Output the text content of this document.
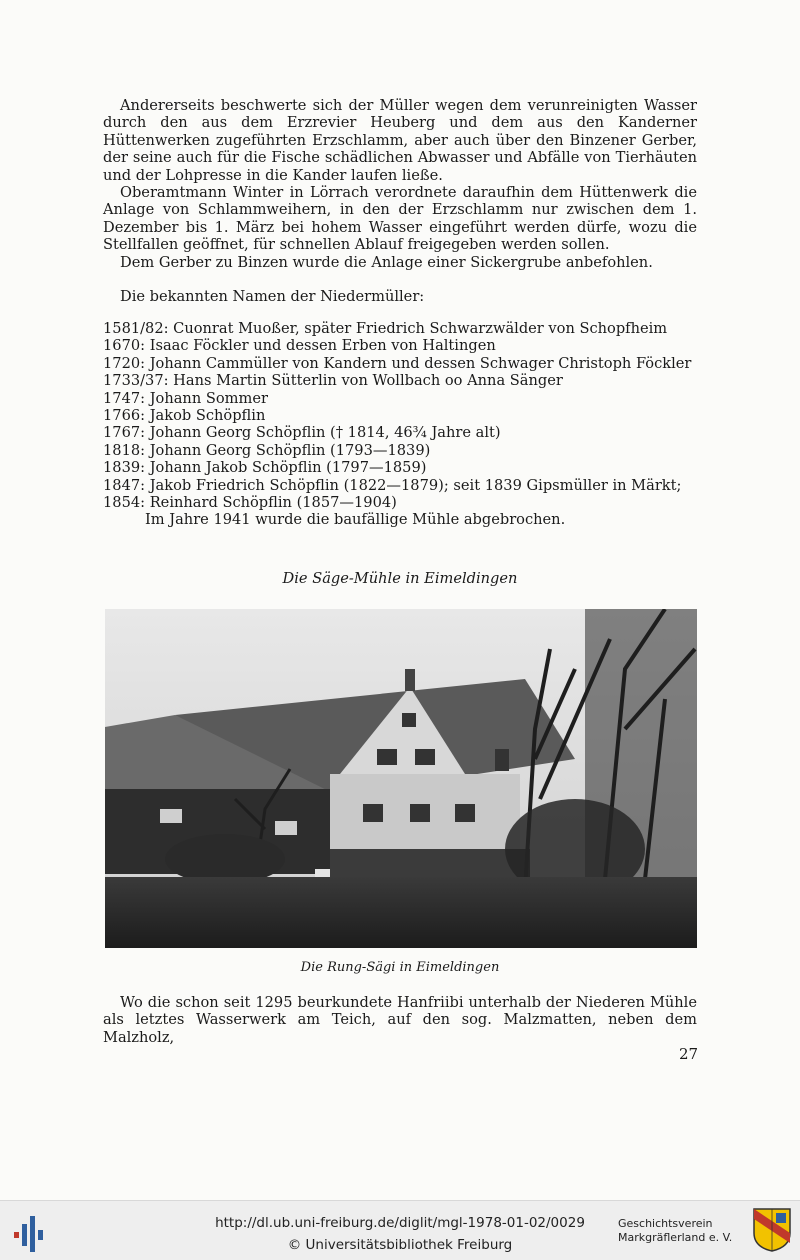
Andererseits beschwerte sich der Müller wegen dem verunreinigten Wasser durch den aus dem Erzrevier Heuberg und dem aus den Kanderner Hüttenwerken zugeführten Erzschlamm, aber auch über den Binzener Gerber, der seine auch für die Fische schädlichen Abwasser und Abfälle von Tierhäuten und der Lohpresse in die Kander laufen ließe.

Oberamtmann Winter in Lörrach verordnete daraufhin dem Hüttenwerk die Anlage von Schlammweihern, in den der Erzschlamm nur zwischen dem 1. Dezember bis 1. März bei hohem Wasser eingeführt werden dürfe, wozu die Stellfallen geöffnet, für schnellen Ablauf freigegeben werden sollen.

Dem Gerber zu Binzen wurde die Anlage einer Sickergrube anbefohlen.

Die bekannten Namen der Niedermüller:

1581/82: Cuonrat Muoßer, später Friedrich Schwarzwälder von Schopfheim

1670: Isaac Föckler und dessen Erben von Haltingen

1720: Johann Cammüller von Kandern und dessen Schwager Christoph Föckler

1733/37: Hans Martin Sütterlin von Wollbach oo Anna Sänger

1747: Johann Sommer

1766: Jakob Schöpflin

1767: Johann Georg Schöpflin († 1814, 46¾ Jahre alt)

1818: Johann Georg Schöpflin (1793—1839)

1839: Johann Jakob Schöpflin (1797—1859)

1847: Jakob Friedrich Schöpflin (1822—1879); seit 1839 Gipsmüller in Märkt;

1854: Reinhard Schöpflin (1857—1904)

Im Jahre 1941 wurde die baufällige Mühle abgebrochen.

Die Säge-Mühle in Eimeldingen
Die Rung-Sägi in Eimeldingen

Wo die schon seit 1295 beurkundete Hanfriibi unterhalb der Niederen Mühle als letztes Wasserwerk am Teich, auf den sog. Malzmatten, neben dem Malzholz,

27
http://dl.ub.uni-freiburg.de/diglit/mgl-1978-01-02/0029
© Universitätsbibliothek Freiburg
Geschichtsverein
Markgräflerland e. V.
